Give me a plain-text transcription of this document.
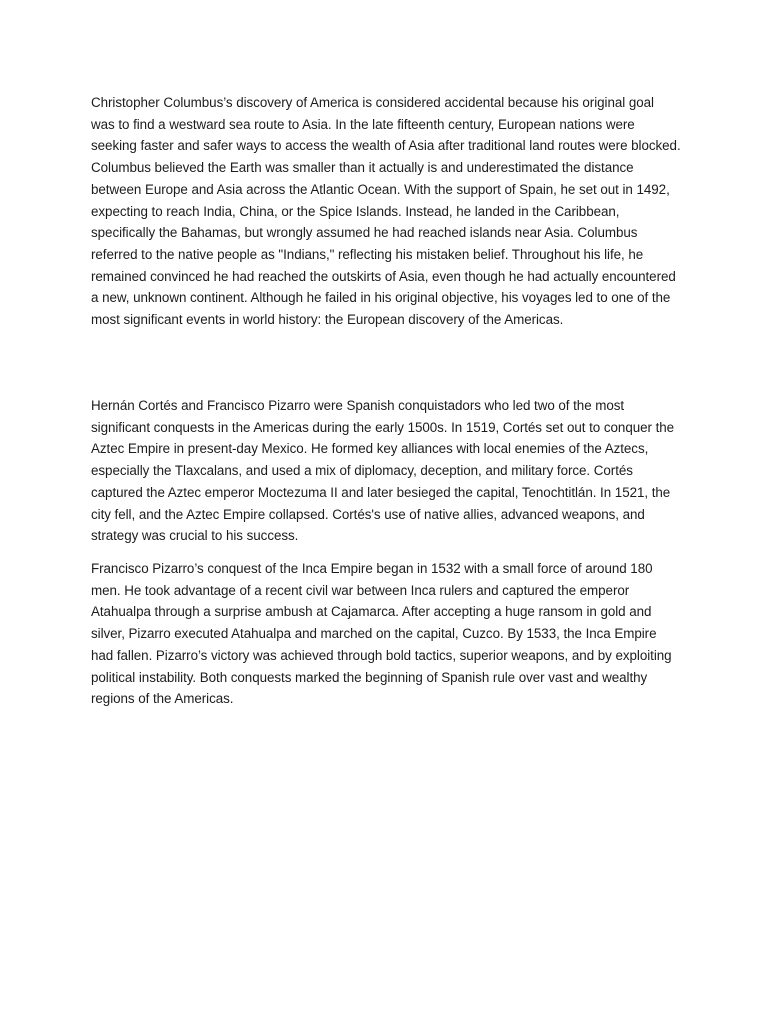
Christopher Columbus’s discovery of America is considered accidental because his original goal was to find a westward sea route to Asia. In the late fifteenth century, European nations were seeking faster and safer ways to access the wealth of Asia after traditional land routes were blocked. Columbus believed the Earth was smaller than it actually is and underestimated the distance between Europe and Asia across the Atlantic Ocean. With the support of Spain, he set out in 1492, expecting to reach India, China, or the Spice Islands. Instead, he landed in the Caribbean, specifically the Bahamas, but wrongly assumed he had reached islands near Asia. Columbus referred to the native people as "Indians," reflecting his mistaken belief. Throughout his life, he remained convinced he had reached the outskirts of Asia, even though he had actually encountered a new, unknown continent. Although he failed in his original objective, his voyages led to one of the most significant events in world history: the European discovery of the Americas.

Hernán Cortés and Francisco Pizarro were Spanish conquistadors who led two of the most significant conquests in the Americas during the early 1500s. In 1519, Cortés set out to conquer the Aztec Empire in present-day Mexico. He formed key alliances with local enemies of the Aztecs, especially the Tlaxcalans, and used a mix of diplomacy, deception, and military force. Cortés captured the Aztec emperor Moctezuma II and later besieged the capital, Tenochtitlán. In 1521, the city fell, and the Aztec Empire collapsed. Cortés's use of native allies, advanced weapons, and strategy was crucial to his success.

Francisco Pizarro’s conquest of the Inca Empire began in 1532 with a small force of around 180 men. He took advantage of a recent civil war between Inca rulers and captured the emperor Atahualpa through a surprise ambush at Cajamarca. After accepting a huge ransom in gold and silver, Pizarro executed Atahualpa and marched on the capital, Cuzco. By 1533, the Inca Empire had fallen. Pizarro’s victory was achieved through bold tactics, superior weapons, and by exploiting political instability. Both conquests marked the beginning of Spanish rule over vast and wealthy regions of the Americas.
